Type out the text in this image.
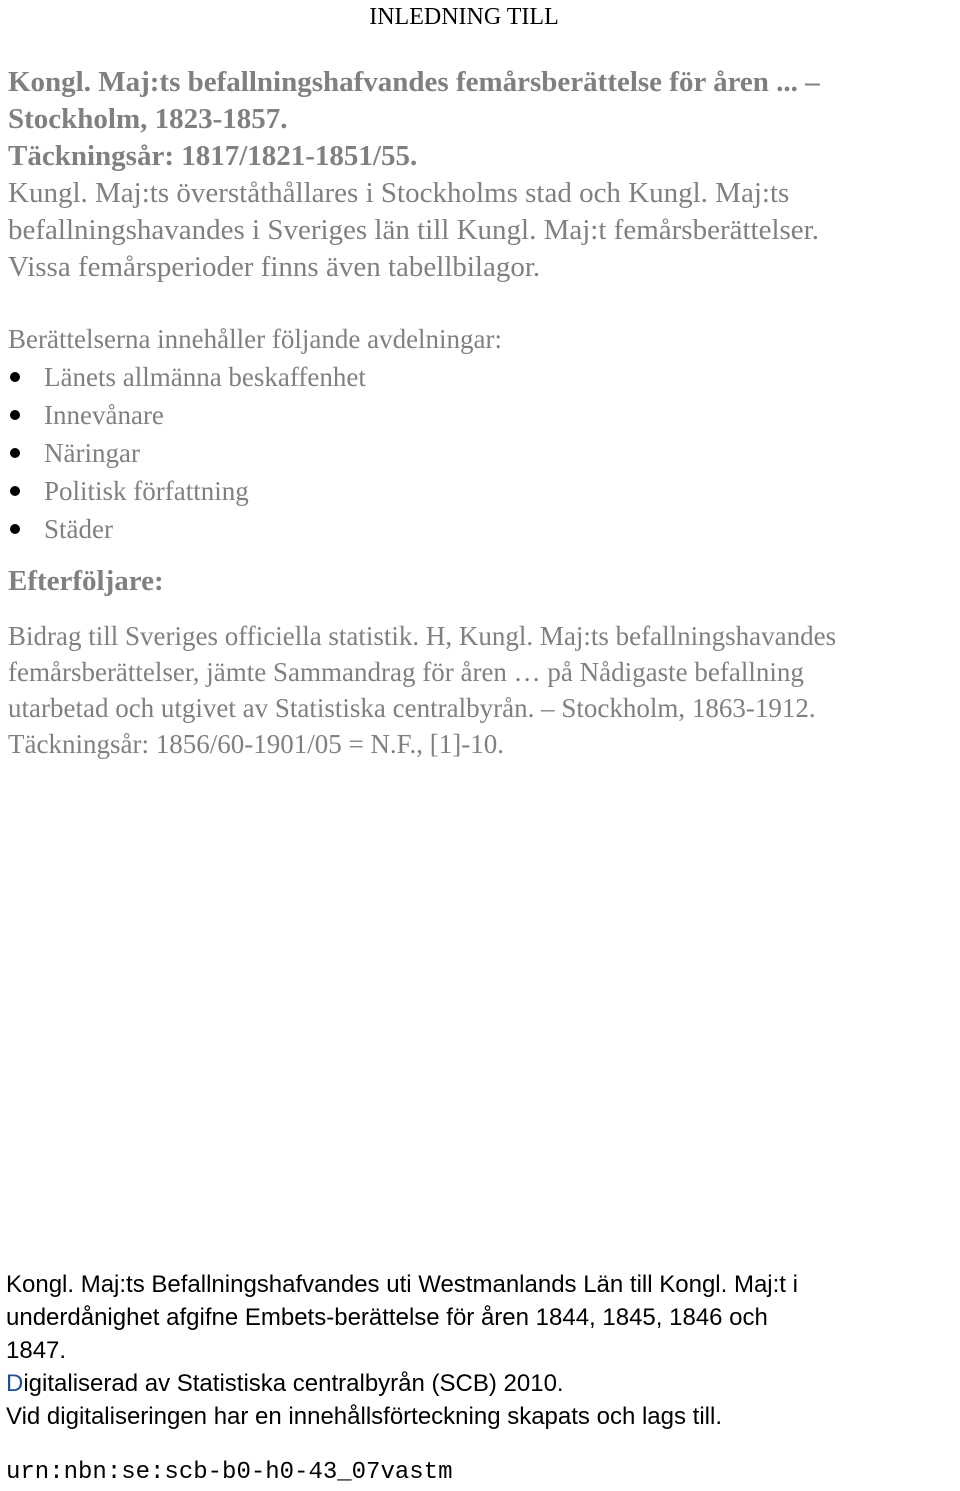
INLEDNING TILL
Kongl. Maj:ts befallningshafvandes femårsberättelse för åren ... –
Stockholm, 1823-1857.
Täckningsår: 1817/1821-1851/55.
Kungl. Maj:ts överståthållares i Stockholms stad och Kungl. Maj:ts
befallningshavandes i Sveriges län till Kungl. Maj:t femårsberättelser.
Vissa femårsperioder finns även tabellbilagor.
Berättelserna innehåller följande avdelningar:
Länets allmänna beskaffenhet
Innevånare
Näringar
Politisk författning
Städer
Efterföljare:
Bidrag till Sveriges officiella statistik. H, Kungl. Maj:ts befallningshavandes
femårsberättelser, jämte Sammandrag för åren … på Nådigaste befallning
utarbetad och utgivet av Statistiska centralbyrån. – Stockholm, 1863-1912.
Täckningsår: 1856/60-1901/05 = N.F., [1]-10.
Kongl. Maj:ts Befallningshafvandes uti Westmanlands Län till Kongl. Maj:t i
underdånighet afgifne Embets-berättelse för åren 1844, 1845, 1846 och
1847.
Digitaliserad av Statistiska centralbyrån (SCB) 2010.
Vid digitaliseringen har en innehållsförteckning skapats och lags till.
urn:nbn:se:scb-b0-h0-43_07vastm
